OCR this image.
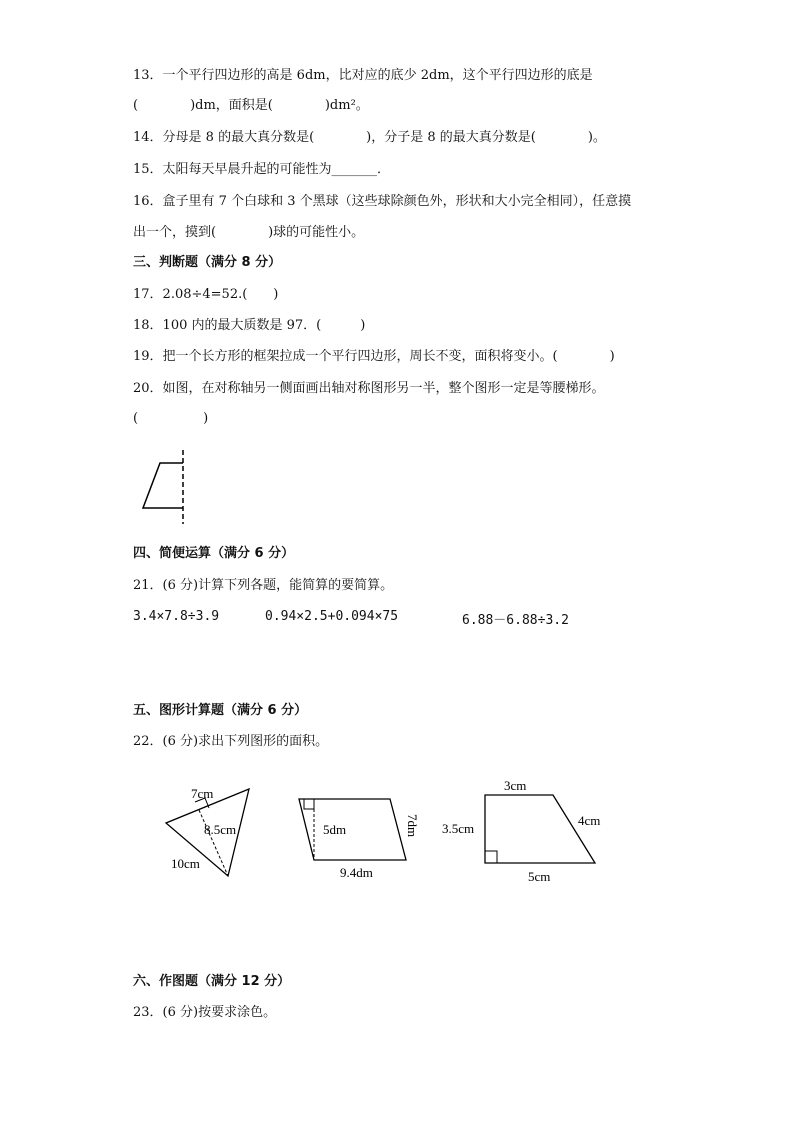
13．一个平行四边形的高是 6dm，比对应的底少 2dm，这个平行四边形的底是
(　　　　)dm，面积是(　　　　)dm²。
14．分母是 8 的最大真分数是(　　　　)，分子是 8 的最大真分数是(　　　　)。
15．太阳每天早晨升起的可能性为_______．
16．盒子里有 7 个白球和 3 个黑球（这些球除颜色外，形状和大小完全相同），任意摸
出一个，摸到(　　　　)球的可能性小。
三、判断题（满分 8 分）
17．2.08÷4=52.(　　)
18．100 内的最大质数是 97．(　　　)
19．把一个长方形的框架拉成一个平行四边形，周长不变，面积将变小。(　　　　)
20．如图，在对称轴另一侧面画出轴对称图形另一半，整个图形一定是等腰梯形。
(　　　　　)
四、简便运算（满分 6 分）
21．(6 分)计算下列各题，能简算的要简算。
3.4×7.8÷3.9	0.94×2.5+0.094×75	6.88－6.88÷3.2
五、图形计算题（满分 6 分）
22．(6 分)求出下列图形的面积。
7cm
8.5cm
10cm
5dm	7dm
9.4dm
3cm
3.5cm
4cm
5cm
六、作图题（满分 12 分）
23．(6 分)按要求涂色。
